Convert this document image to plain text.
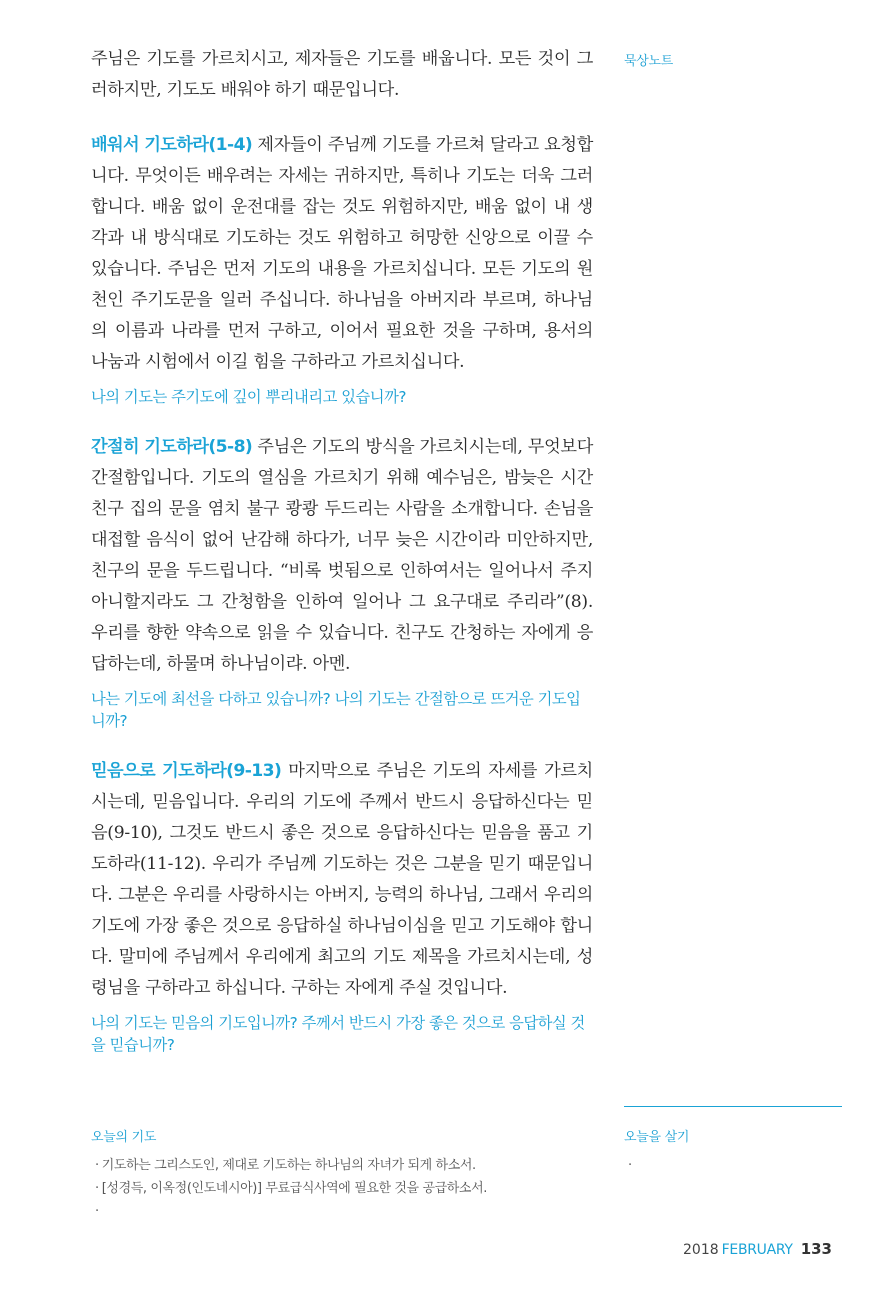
묵상노트

주님은 기도를 가르치시고, 제자들은 기도를 배웁니다. 모든 것이 그러하지만, 기도도 배워야 하기 때문입니다.

배워서 기도하라(1-4) 제자들이 주님께 기도를 가르쳐 달라고 요청합니다. 무엇이든 배우려는 자세는 귀하지만, 특히나 기도는 더욱 그러합니다. 배움 없이 운전대를 잡는 것도 위험하지만, 배움 없이 내 생각과 내 방식대로 기도하는 것도 위험하고 허망한 신앙으로 이끌 수 있습니다. 주님은 먼저 기도의 내용을 가르치십니다. 모든 기도의 원천인 주기도문을 일러 주십니다. 하나님을 아버지라 부르며, 하나님의 이름과 나라를 먼저 구하고, 이어서 필요한 것을 구하며, 용서의 나눔과 시험에서 이길 힘을 구하라고 가르치십니다.

나의 기도는 주기도에 깊이 뿌리내리고 있습니까?

간절히 기도하라(5-8) 주님은 기도의 방식을 가르치시는데, 무엇보다 간절함입니다. 기도의 열심을 가르치기 위해 예수님은, 밤늦은 시간 친구 집의 문을 염치 불구 쾅쾅 두드리는 사람을 소개합니다. 손님을 대접할 음식이 없어 난감해 하다가, 너무 늦은 시간이라 미안하지만, 친구의 문을 두드립니다. “비록 벗됨으로 인하여서는 일어나서 주지 아니할지라도 그 간청함을 인하여 일어나 그 요구대로 주리라”(8). 우리를 향한 약속으로 읽을 수 있습니다. 친구도 간청하는 자에게 응답하는데, 하물며 하나님이랴. 아멘.

나는 기도에 최선을 다하고 있습니까? 나의 기도는 간절함으로 뜨거운 기도입니까?

믿음으로 기도하라(9-13) 마지막으로 주님은 기도의 자세를 가르치시는데, 믿음입니다. 우리의 기도에 주께서 반드시 응답하신다는 믿음(9-10), 그것도 반드시 좋은 것으로 응답하신다는 믿음을 품고 기도하라(11-12). 우리가 주님께 기도하는 것은 그분을 믿기 때문입니다. 그분은 우리를 사랑하시는 아버지, 능력의 하나님, 그래서 우리의 기도에 가장 좋은 것으로 응답하실 하나님이심을 믿고 기도해야 합니다. 말미에 주님께서 우리에게 최고의 기도 제목을 가르치시는데, 성령님을 구하라고 하십니다. 구하는 자에게 주실 것입니다.

나의 기도는 믿음의 기도입니까? 주께서 반드시 가장 좋은 것으로 응답하실 것을 믿습니까?

오늘의 기도

· 기도하는 그리스도인, 제대로 기도하는 하나님의 자녀가 되게 하소서.
· [성경득, 이옥정(인도네시아)] 무료급식사역에 필요한 것을 공급하소서.
·

오늘을 살기

·
2018 FEBRUARY 133
